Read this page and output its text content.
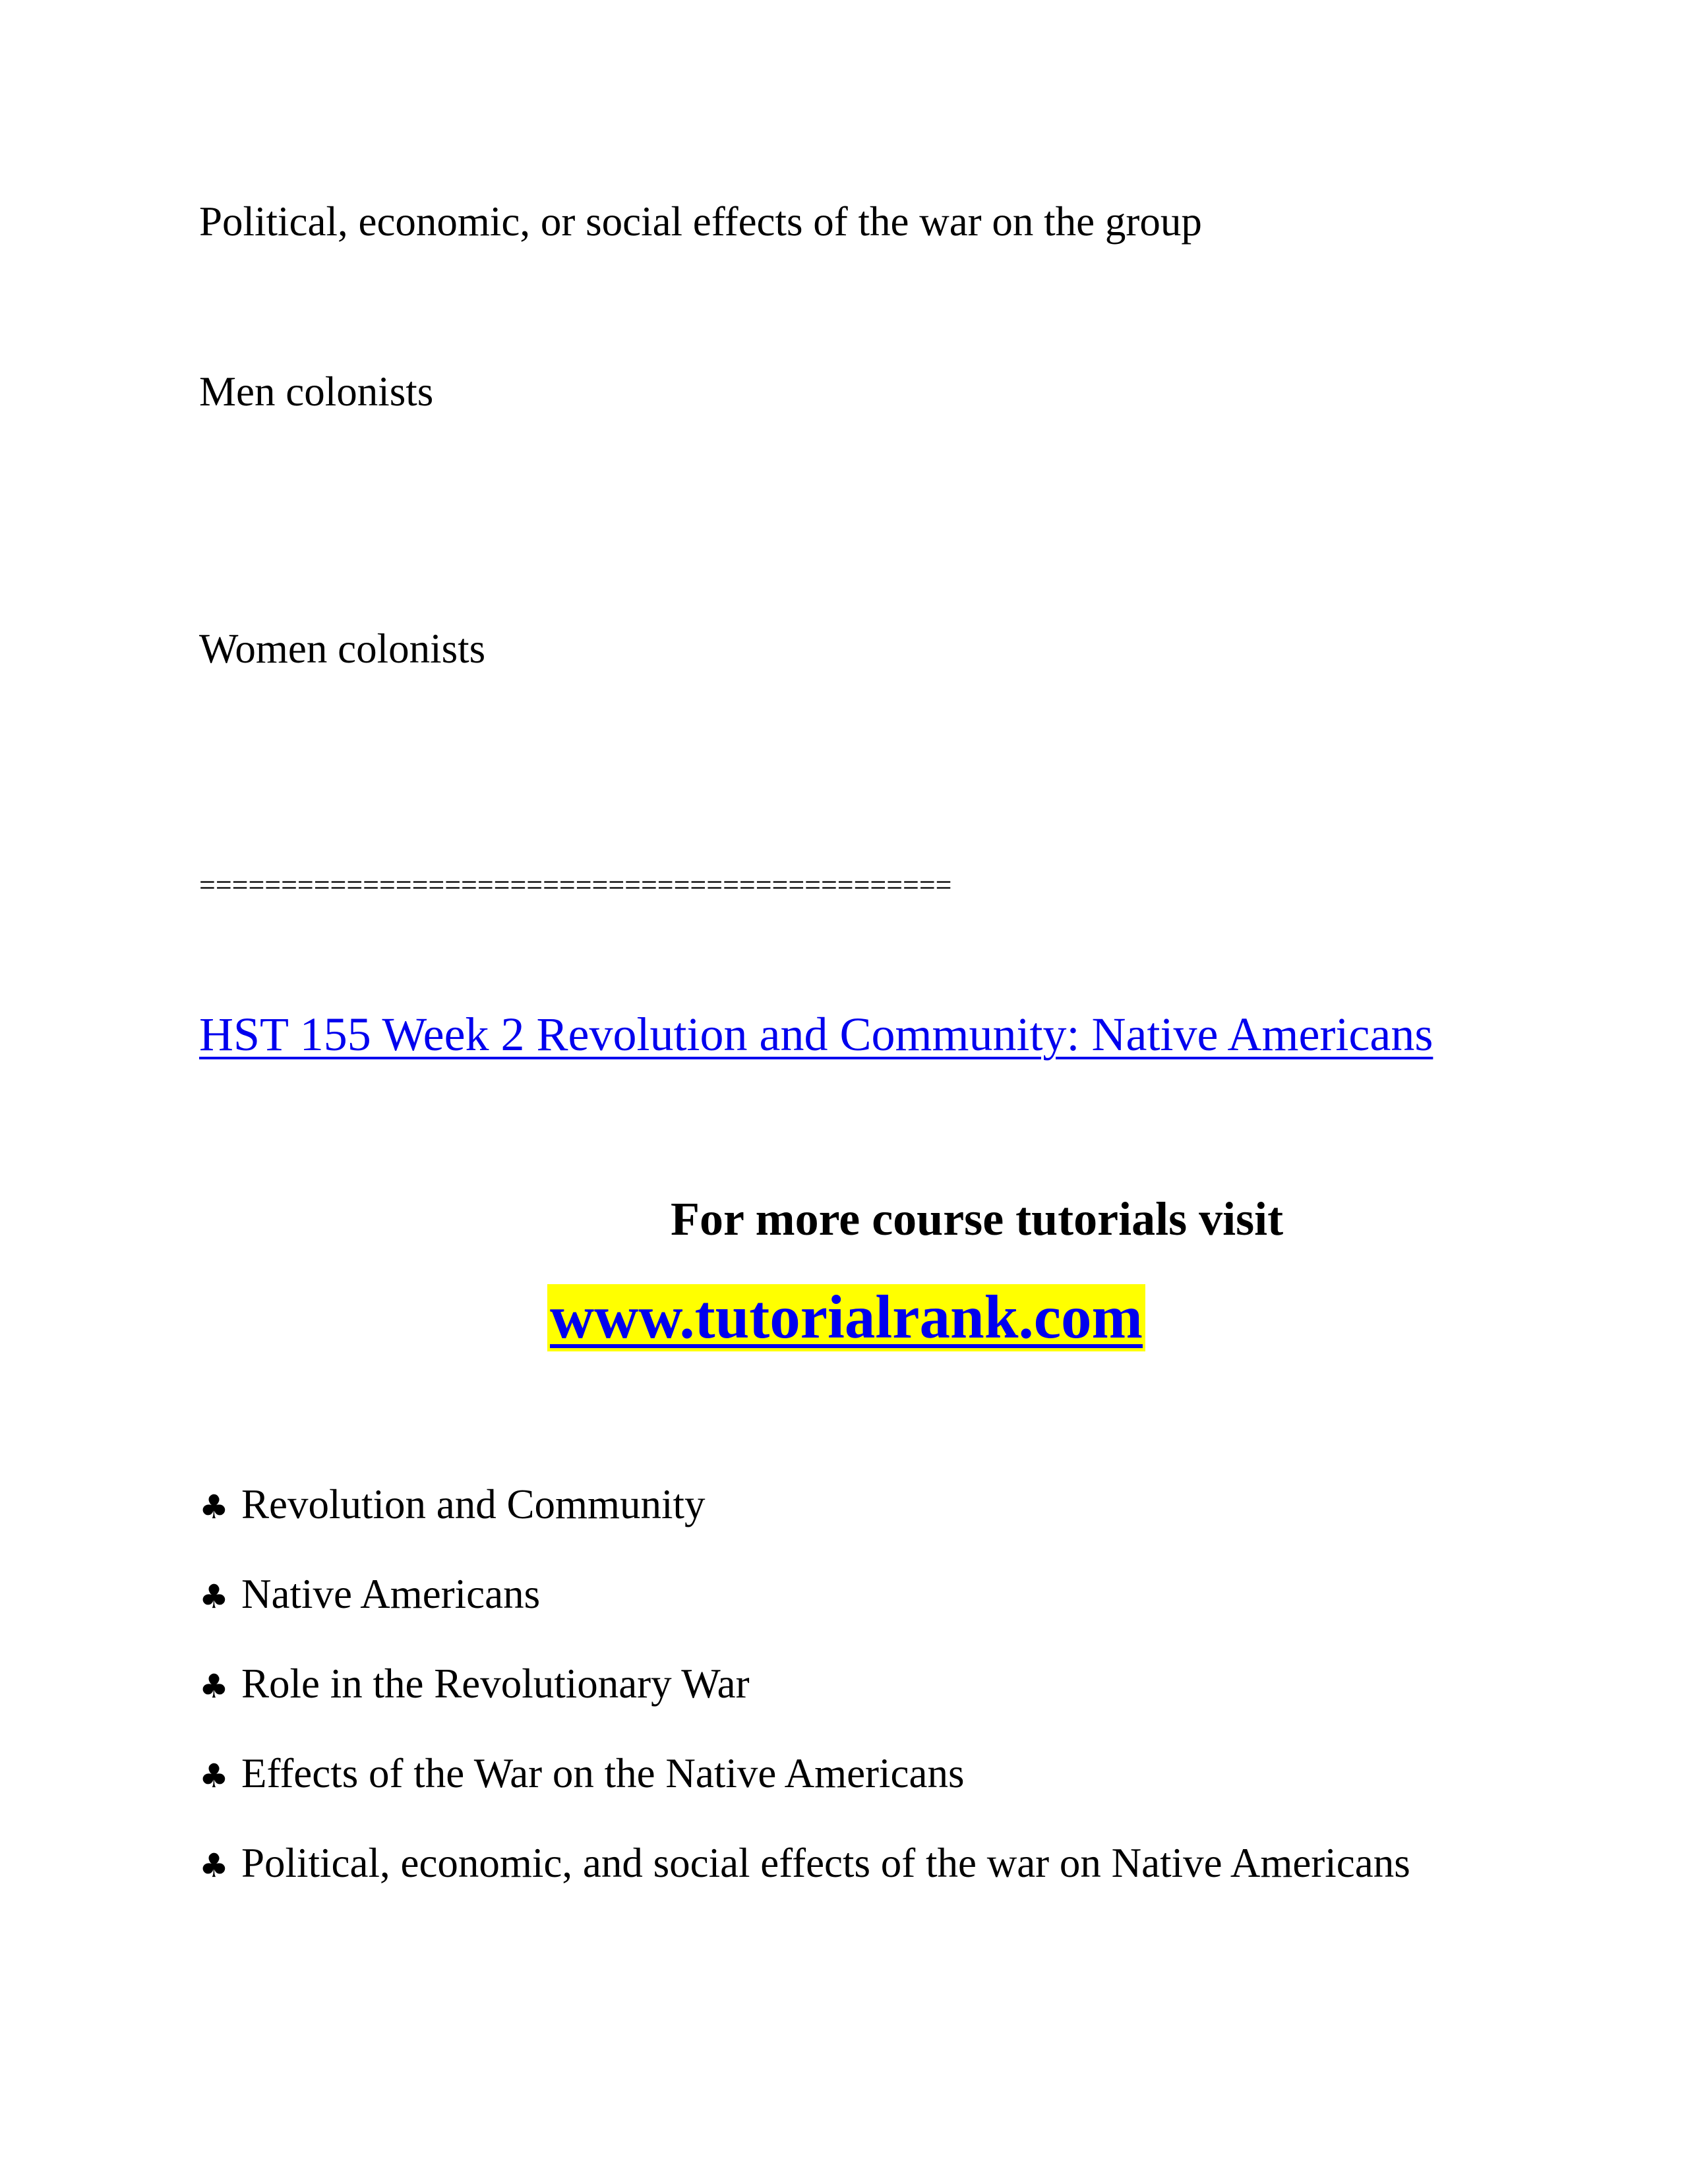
Political, economic, or social effects of the war on the group

Men colonists

Women colonists

==============================================

HST 155 Week 2 Revolution and Community: Native Americans

For more course tutorials visit

www.tutorialrank.com
♣ Revolution and Community
♣ Native Americans
♣ Role in the Revolutionary War
♣ Effects of the War on the Native Americans
♣ Political, economic, and social effects of the war on Native Americans
